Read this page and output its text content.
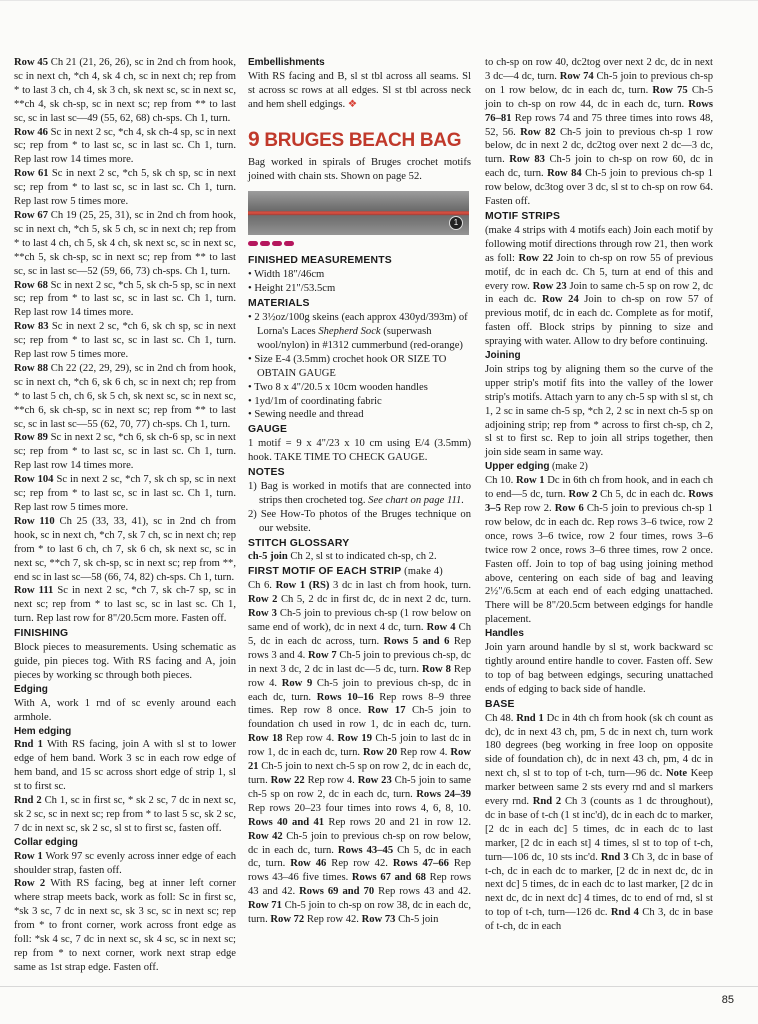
Row 45 Ch 21 (21, 26, 26), sc in 2nd ch from hook, sc in next ch, *ch 4, sk 4 ch, sc in next ch; rep from * to last 3 ch, ch 4, sk 3 ch, sk next sc, sc in next sc, **ch 4, sk ch-sp, sc in next sc; rep from ** to last sc, sc in last sc—49 (55, 62, 68) ch-sps. Ch 1, turn.

Row 46 Sc in next 2 sc, *ch 4, sk ch-4 sp, sc in next sc; rep from * to last sc, sc in last sc. Ch 1, turn. Rep last row 14 times more.

Row 61 Sc in next 2 sc, *ch 5, sk ch sp, sc in next sc; rep from * to last sc, sc in last sc. Ch 1, turn. Rep last row 5 times more.

Row 67 Ch 19 (25, 25, 31), sc in 2nd ch from hook, sc in next ch, *ch 5, sk 5 ch, sc in next ch; rep from * to last 4 ch, ch 5, sk 4 ch, sk next sc, sc in next sc, **ch 5, sk ch-sp, sc in next sc; rep from ** to last sc, sc in last sc—52 (59, 66, 73) ch-sps. Ch 1, turn.

Row 68 Sc in next 2 sc, *ch 5, sk ch-5 sp, sc in next sc; rep from * to last sc, sc in last sc. Ch 1, turn. Rep last row 14 times more.

Row 83 Sc in next 2 sc, *ch 6, sk ch sp, sc in next sc; rep from * to last sc, sc in last sc. Ch 1, turn. Rep last row 5 times more.

Row 88 Ch 22 (22, 29, 29), sc in 2nd ch from hook, sc in next ch, *ch 6, sk 6 ch, sc in next ch; rep from * to last 5 ch, ch 6, sk 5 ch, sk next sc, sc in next sc, **ch 6, sk ch-sp, sc in next sc; rep from ** to last sc, sc in last sc—55 (62, 70, 77) ch-sps. Ch 1, turn.

Row 89 Sc in next 2 sc, *ch 6, sk ch-6 sp, sc in next sc; rep from * to last sc, sc in last sc. Ch 1, turn. Rep last row 14 times more.

Row 104 Sc in next 2 sc, *ch 7, sk ch sp, sc in next sc; rep from * to last sc, sc in last sc. Ch 1, turn. Rep last row 5 times more.

Row 110 Ch 25 (33, 33, 41), sc in 2nd ch from hook, sc in next ch, *ch 7, sk 7 ch, sc in next ch; rep from * to last 6 ch, ch 7, sk 6 ch, sk next sc, sc in next sc, **ch 7, sk ch-sp, sc in next sc; rep from **, end sc in last sc—58 (66, 74, 82) ch-sps. Ch 1, turn.

Row 111 Sc in next 2 sc, *ch 7, sk ch-7 sp, sc in next sc; rep from * to last sc, sc in last sc. Ch 1, turn. Rep last row for 8"/20.5cm more. Fasten off.

FINISHING

Block pieces to measurements. Using schematic as guide, pin pieces tog. With RS facing and A, join pieces by working sc through both pieces.

Edging

With A, work 1 rnd of sc evenly around each armhole.

Hem edging

Rnd 1 With RS facing, join A with sl st to lower edge of hem band. Work 3 sc in each row edge of hem band, and 15 sc across short edge of strip 1, sl st to first sc.

Rnd 2 Ch 1, sc in first sc, * sk 2 sc, 7 dc in next sc, sk 2 sc, sc in next sc; rep from * to last 5 sc, sk 2 sc, 7 dc in next sc, sk 2 sc, sl st to first sc, fasten off.

Collar edging

Row 1 Work 97 sc evenly across inner edge of each shoulder strap, fasten off.

Row 2 With RS facing, beg at inner left corner where strap meets back, work as foll: Sc in first sc, *sk 3 sc, 7 dc in next sc, sk 3 sc, sc in next sc; rep from * to front corner, work across front edge as foll: *sk 4 sc, 7 dc in next sc, sk 4 sc, sc in next sc; rep from * to next corner, work next strap edge same as 1st strap edge. Fasten off.

Embellishments

With RS facing and B, sl st tbl across all seams. Sl st across sc rows at all edges. Sl st tbl across neck and hem shell edgings. ❖

9 BRUGES BEACH BAG

Bag worked in spirals of Bruges crochet motifs joined with chain sts. Shown on page 52.

1
FINISHED MEASUREMENTS

• Width 18"/46cm

• Height 21"/53.5cm

MATERIALS

• 2 3½oz/100g skeins (each approx 430yd/393m) of Lorna's Laces Shepherd Sock (superwash wool/nylon) in #1312 cummerbund (red-orange)

• Size E-4 (3.5mm) crochet hook OR SIZE TO OBTAIN GAUGE

• Two 8 x 4"/20.5 x 10cm wooden handles

• 1yd/1m of coordinating fabric

• Sewing needle and thread

GAUGE

1 motif = 9 x 4"/23 x 10 cm using E/4 (3.5mm) hook. TAKE TIME TO CHECK GAUGE.

NOTES

1) Bag is worked in motifs that are connected into strips then crocheted tog. See chart on page 111.

2) See How-To photos of the Bruges technique on our website.

STITCH GLOSSARY

ch-5 join Ch 2, sl st to indicated ch-sp, ch 2.

FIRST MOTIF OF EACH STRIP (make 4)

Ch 6. Row 1 (RS) 3 dc in last ch from hook, turn. Row 2 Ch 5, 2 dc in first dc, dc in next 2 dc, turn. Row 3 Ch-5 join to previous ch-sp (1 row below on same end of work), dc in next 4 dc, turn. Row 4 Ch 5, dc in each dc across, turn. Rows 5 and 6 Rep rows 3 and 4. Row 7 Ch-5 join to previous ch-sp, dc in next 3 dc, 2 dc in last dc—5 dc, turn. Row 8 Rep row 4. Row 9 Ch-5 join to previous ch-sp, dc in each dc, turn. Rows 10–16 Rep rows 8–9 three times. Rep row 8 once. Row 17 Ch-5 join to foundation ch used in row 1, dc in each dc, turn. Row 18 Rep row 4. Row 19 Ch-5 join to last dc in row 1, dc in each dc, turn. Row 20 Rep row 4. Row 21 Ch-5 join to next ch-5 sp on row 2, dc in each dc, turn. Row 22 Rep row 4. Row 23 Ch-5 join to same ch-5 sp on row 2, dc in each dc, turn. Rows 24–39 Rep rows 20–23 four times into rows 4, 6, 8, 10. Rows 40 and 41 Rep rows 20 and 21 in row 12. Row 42 Ch-5 join to previous ch-sp on row below, dc in each dc, turn. Rows 43–45 Ch 5, dc in each dc, turn. Row 46 Rep row 42. Rows 47–66 Rep rows 43–46 five times. Rows 67 and 68 Rep rows 43 and 42. Rows 69 and 70 Rep rows 43 and 42. Row 71 Ch-5 join to ch-sp on row 38, dc in each dc, turn. Row 72 Rep row 42. Row 73 Ch-5 join

to ch-sp on row 40, dc2tog over next 2 dc, dc in next 3 dc—4 dc, turn. Row 74 Ch-5 join to previous ch-sp on 1 row below, dc in each dc, turn. Row 75 Ch-5 join to ch-sp on row 44, dc in each dc, turn. Rows 76–81 Rep rows 74 and 75 three times into rows 48, 52, 56. Row 82 Ch-5 join to previous ch-sp 1 row below, dc in next 2 dc, dc2tog over next 2 dc—3 dc, turn. Row 83 Ch-5 join to ch-sp on row 60, dc in each dc, turn. Row 84 Ch-5 join to previous ch-sp 1 row below, dc3tog over 3 dc, sl st to ch-sp on row 64. Fasten off.

MOTIF STRIPS

(make 4 strips with 4 motifs each) Join each motif by following motif directions through row 21, then work as foll: Row 22 Join to ch-sp on row 55 of previous motif, dc in each dc. Ch 5, turn at end of this and every row. Row 23 Join to same ch-5 sp on row 2, dc in each dc. Row 24 Join to ch-sp on row 57 of previous motif, dc in each dc. Complete as for motif, fasten off. Block strips by pinning to size and spraying with water. Allow to dry before continuing.

Joining

Join strips tog by aligning them so the curve of the upper strip's motif fits into the valley of the lower strip's motifs. Attach yarn to any ch-5 sp with sl st, ch 1, 2 sc in same ch-5 sp, *ch 2, 2 sc in next ch-5 sp on adjoining strip; rep from * across to first ch-sp, ch 2, sl st to first sc. Rep to join all strips together, then join side seam in same way.

Upper edging (make 2)

Ch 10. Row 1 Dc in 6th ch from hook, and in each ch to end—5 dc, turn. Row 2 Ch 5, dc in each dc. Rows 3–5 Rep row 2. Row 6 Ch-5 join to previous ch-sp 1 row below, dc in each dc. Rep rows 3–6 twice, row 2 once, rows 3–6 twice, row 2 four times, rows 3–6 twice row 2 once, rows 3–6 three times, row 2 once. Fasten off. Join to top of bag using joining method above, centering on each side of bag and leaving 2½"/6.5cm at each end of each edging unattached. There will be 8"/20.5cm between edgings for handle placement.

Handles

Join yarn around handle by sl st, work backward sc tightly around entire handle to cover. Fasten off. Sew to top of bag between edgings, securing unattached ends of edging to back side of handle.

BASE

Ch 48. Rnd 1 Dc in 4th ch from hook (sk ch count as dc), dc in next 43 ch, pm, 5 dc in next ch, turn work 180 degrees (beg working in free loop on opposite side of foundation ch), dc in next 43 ch, pm, 4 dc in next ch, sl st to top of t-ch, turn—96 dc. Note Keep marker between same 2 sts every rnd and sl markers every rnd. Rnd 2 Ch 3 (counts as 1 dc throughout), dc in base of t-ch (1 st inc'd), dc in each dc to marker, [2 dc in each dc] 5 times, dc in each dc to last marker, [2 dc in each st] 4 times, sl st to top of t-ch, turn—106 dc, 10 sts inc'd. Rnd 3 Ch 3, dc in base of t-ch, dc in each dc to marker, [2 dc in next dc, dc in next dc] 5 times, dc in each dc to last marker, [2 dc in next dc, dc in next dc] 4 times, dc to end of rnd, sl st to top of t-ch, turn—126 dc. Rnd 4 Ch 3, dc in base of t-ch, dc in each

85
